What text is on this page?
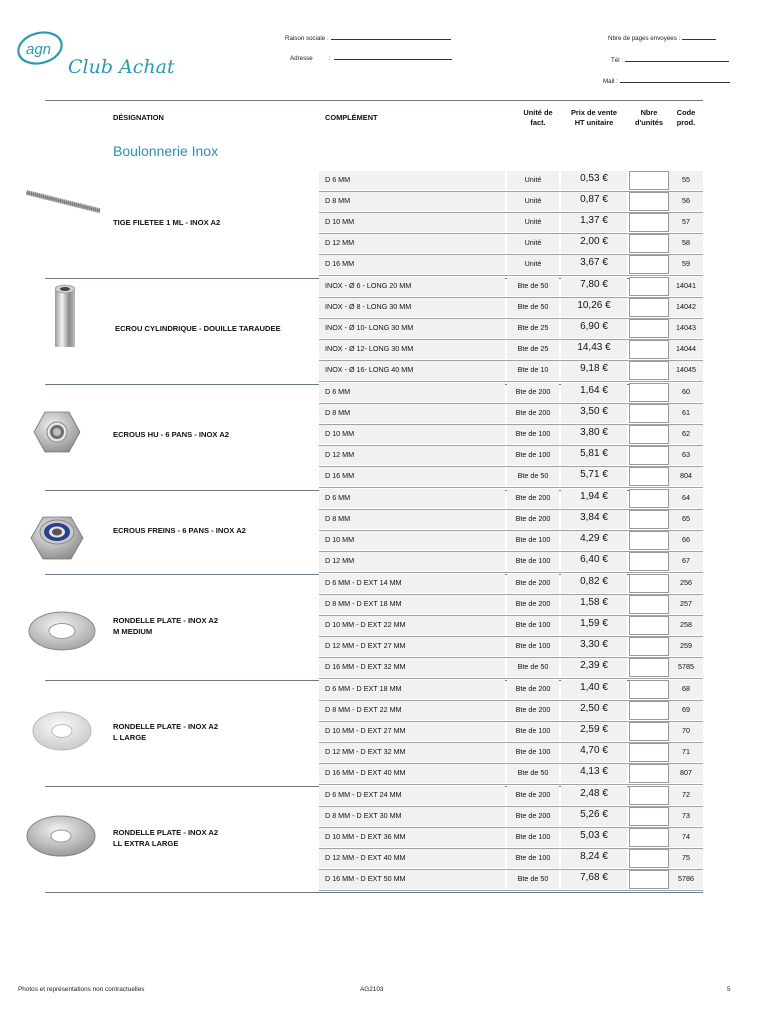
agn
Club Achat
Raison sociale :
Adresse	:
Nbre de pages envoyées :
Tél :
Mail :
DÉSIGNATION	COMPLÉMENT
Unité de
fact.
Prix de vente
HT unitaire
Nbre
d'unités
Code
prod.
Boulonnerie Inox
TIGE FILETEE 1 ML - INOX A2
D 6 MM	Unité	0,53 €	55
D 8 MM	Unité	0,87 €	56
D 10 MM	Unité	1,37 €	57
D 12 MM	Unité	2,00 €	58
D 16 MM	Unité	3,67 €	59
ECROU CYLINDRIQUE - DOUILLE TARAUDEE
INOX - Ø 6 - LONG 20 MM	Bte de 50	7,80 €	14041
INOX - Ø 8 - LONG 30 MM	Bte de 50	10,26 €	14042
INOX - Ø 10- LONG 30 MM	Bte de 25	6,90 €	14043
INOX - Ø 12- LONG 30 MM	Bte de 25	14,43 €	14044
INOX - Ø 16- LONG 40 MM	Bte de 10	9,18 €	14045
ECROUS HU - 6 PANS - INOX A2
D 6 MM	Bte de 200	1,64 €	60
D 8 MM	Bte de 200	3,50 €	61
D 10 MM	Bte de 100	3,80 €	62
D 12 MM	Bte de 100	5,81 €	63
D 16 MM	Bte de 50	5,71 €	804
ECROUS FREINS - 6 PANS - INOX A2
D 6 MM	Bte de 200	1,94 €	64
D 8 MM	Bte de 200	3,84 €	65
D 10 MM	Bte de 100	4,29 €	66
D 12 MM	Bte de 100	6,40 €	67
RONDELLE PLATE - INOX A2
M MEDIUM
D 6 MM - D EXT 14 MM	Bte de 200	0,82 €	256
D 8 MM - D EXT 18 MM	Bte de 200	1,58 €	257
D 10 MM - D EXT 22 MM	Bte de 100	1,59 €	258
D 12 MM - D EXT 27 MM	Bte de 100	3,30 €	259
D 16 MM - D EXT 32 MM	Bte de 50	2,39 €	5785
RONDELLE PLATE - INOX A2
L LARGE
D 6 MM - D EXT 18 MM	Bte de 200	1,40 €	68
D 8 MM - D EXT 22 MM	Bte de 200	2,50 €	69
D 10 MM - D EXT 27 MM	Bte de 100	2,59 €	70
D 12 MM - D EXT 32 MM	Bte de 100	4,70 €	71
D 16 MM - D EXT 40 MM	Bte de 50	4,13 €	807
RONDELLE PLATE - INOX A2
LL EXTRA LARGE
D 6 MM - D EXT 24 MM	Bte de 200	2,48 €	72
D 8 MM - D EXT 30 MM	Bte de 200	5,26 €	73
D 10 MM - D EXT 36 MM	Bte de 100	5,03 €	74
D 12 MM - D EXT 40 MM	Bte de 100	8,24 €	75
D 16 MM - D EXT 50 MM	Bte de 50	7,68 €	5786
Photos et représentations non contractuelles	AG2103	5
